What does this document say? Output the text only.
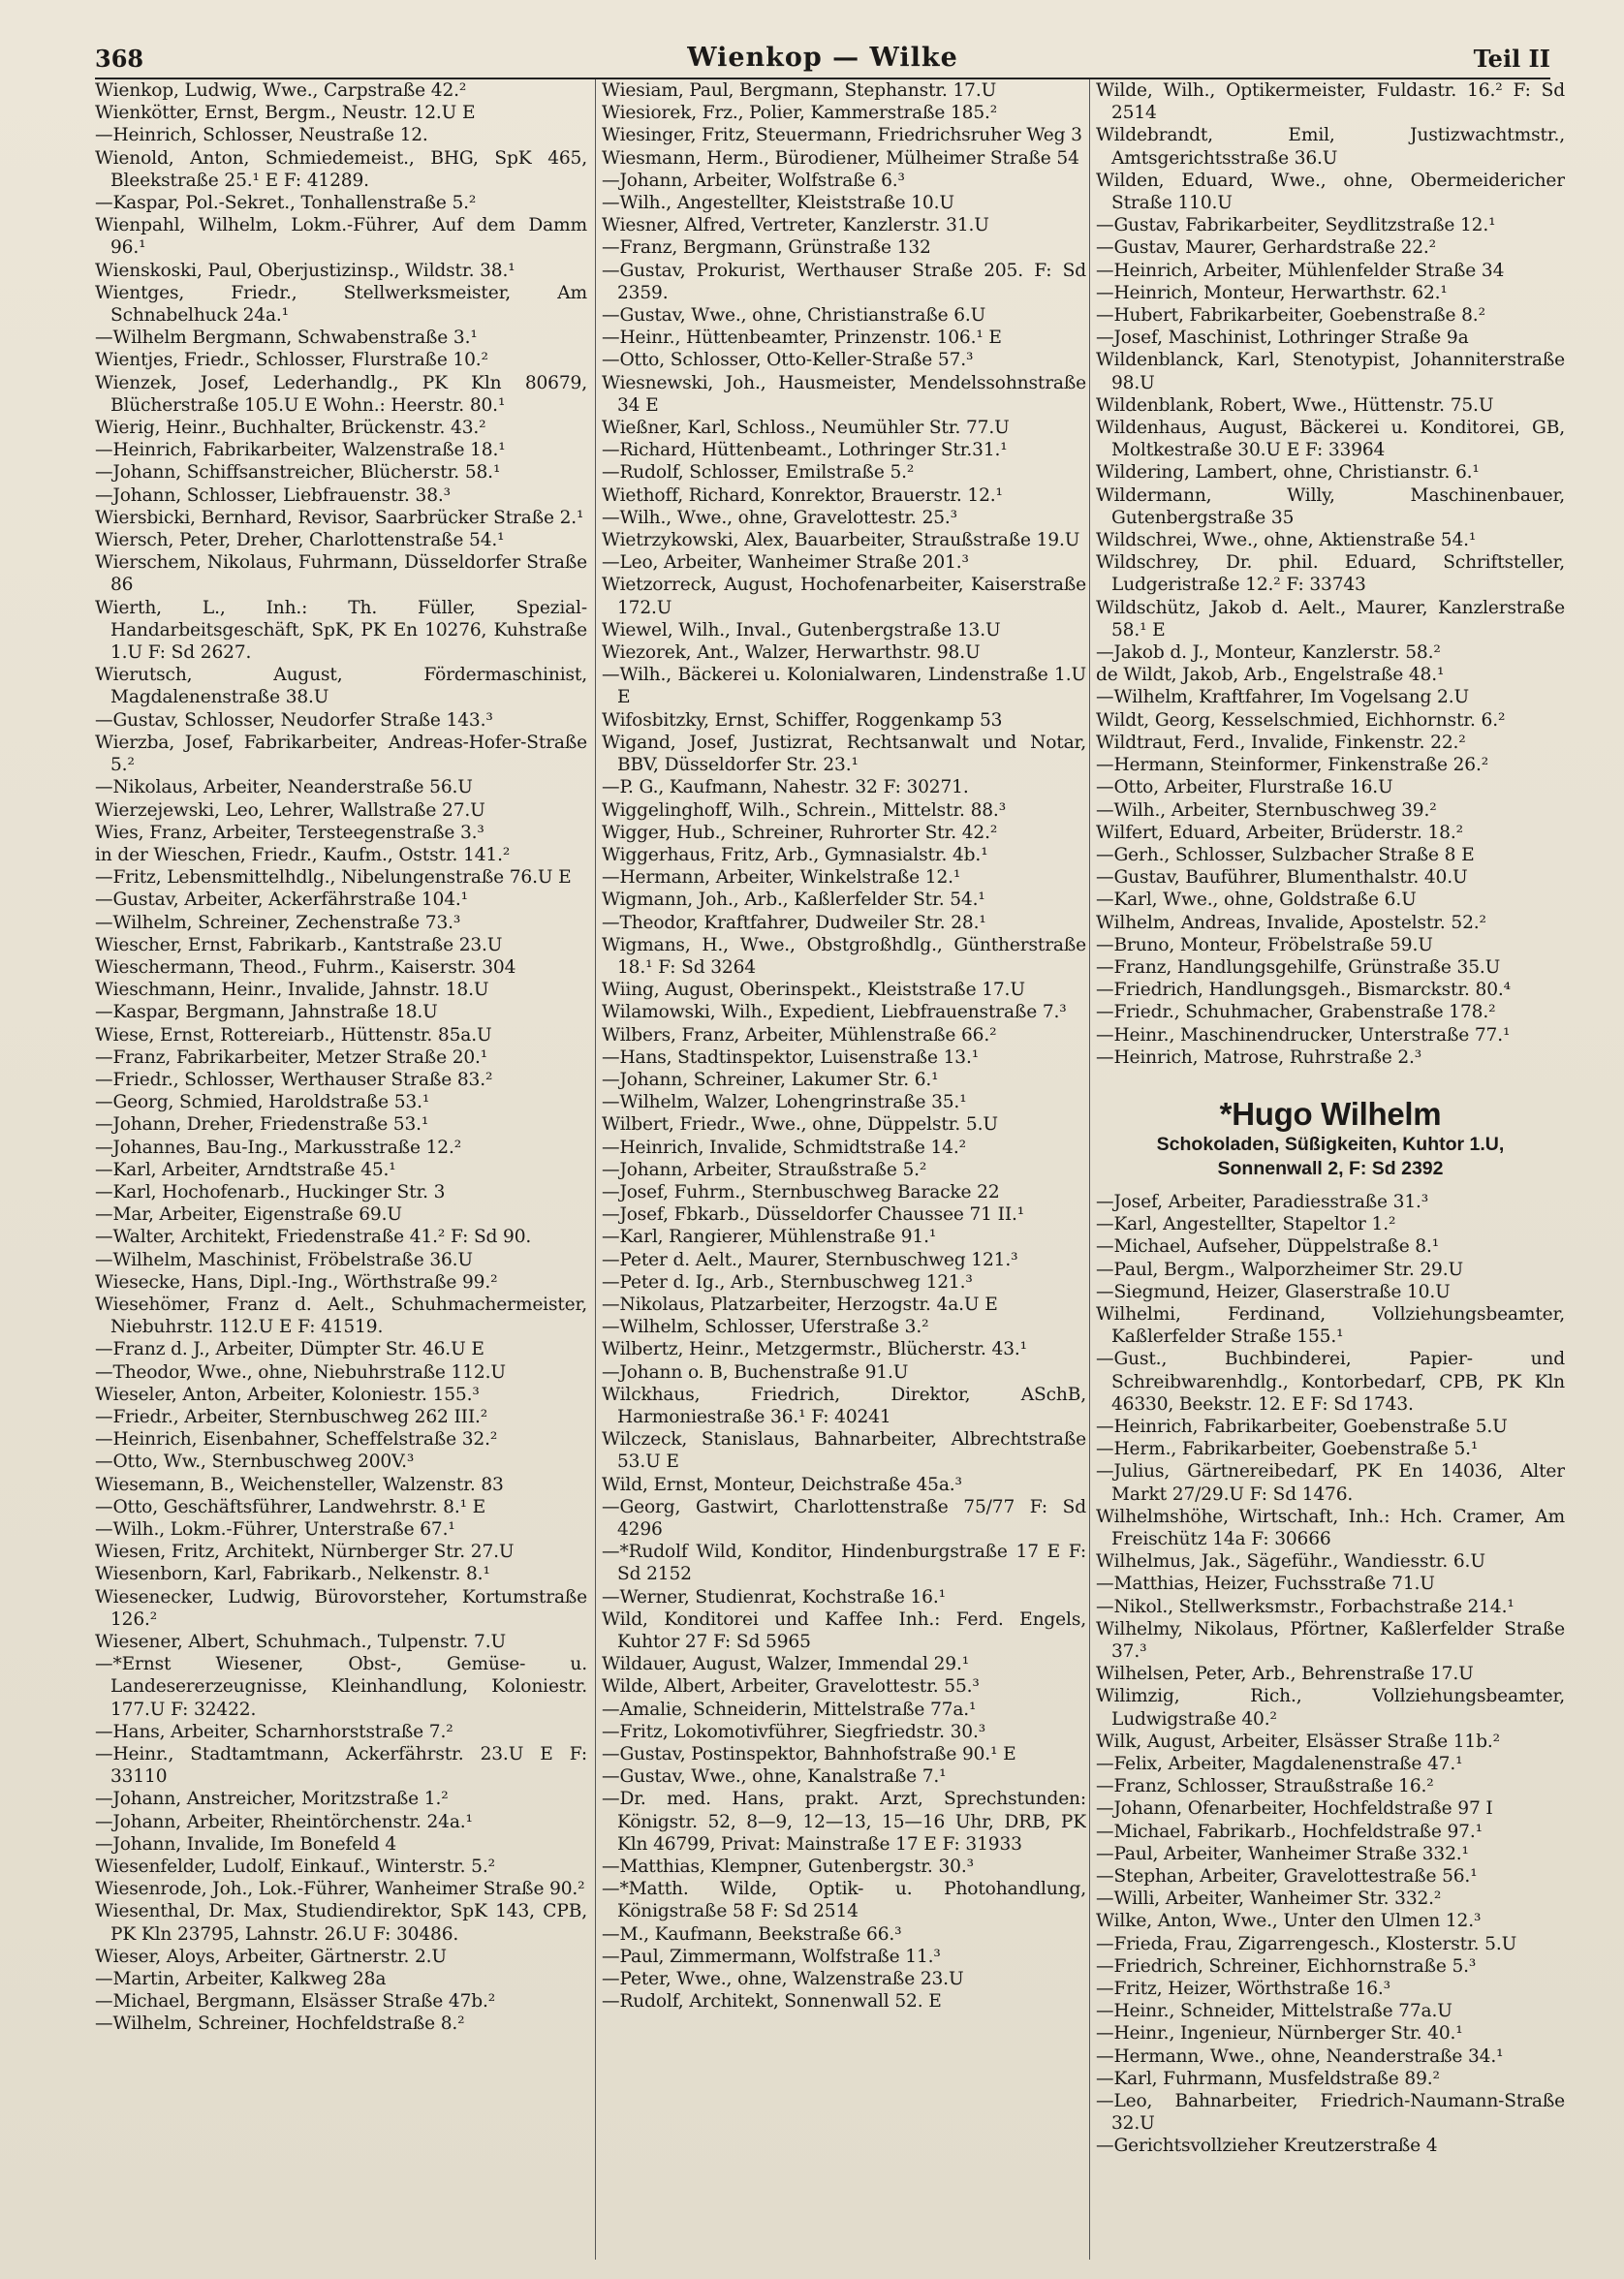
368	Wienkop — Wilke	Teil II

Wienkop, Ludwig, Wwe., Carpstraße 42.²

Wienkötter, Ernst, Bergm., Neustr. 12.U E

—Heinrich, Schlosser, Neustraße 12.

Wienold, Anton, Schmiedemeist., BHG, SpK 465, Bleekstraße 25.¹ E F: 41289.

—Kaspar, Pol.-Sekret., Tonhallenstraße 5.²

Wienpahl, Wilhelm, Lokm.-Führer, Auf dem Damm 96.¹

Wienskoski, Paul, Oberjustizinsp., Wildstr. 38.¹

Wientges, Friedr., Stellwerksmeister, Am Schnabelhuck 24a.¹

—Wilhelm Bergmann, Schwabenstraße 3.¹

Wientjes, Friedr., Schlosser, Flurstraße 10.²

Wienzek, Josef, Lederhandlg., PK Kln 80679, Blücherstraße 105.U E Wohn.: Heerstr. 80.¹

Wierig, Heinr., Buchhalter, Brückenstr. 43.²

—Heinrich, Fabrikarbeiter, Walzenstraße 18.¹

—Johann, Schiffsanstreicher, Blücherstr. 58.¹

—Johann, Schlosser, Liebfrauenstr. 38.³

Wiersbicki, Bernhard, Revisor, Saarbrücker Straße 2.¹

Wiersch, Peter, Dreher, Charlottenstraße 54.¹

Wierschem, Nikolaus, Fuhrmann, Düsseldorfer Straße 86

Wierth, L., Inh.: Th. Füller, Spezial-Handarbeitsgeschäft, SpK, PK En 10276, Kuhstraße 1.U F: Sd 2627.

Wierutsch, August, Fördermaschinist, Magdalenenstraße 38.U

—Gustav, Schlosser, Neudorfer Straße 143.³

Wierzba, Josef, Fabrikarbeiter, Andreas-Hofer-Straße 5.²

—Nikolaus, Arbeiter, Neanderstraße 56.U

Wierzejewski, Leo, Lehrer, Wallstraße 27.U

Wies, Franz, Arbeiter, Tersteegenstraße 3.³

in der Wieschen, Friedr., Kaufm., Oststr. 141.²

—Fritz, Lebensmittelhdlg., Nibelungenstraße 76.U E

—Gustav, Arbeiter, Ackerfährstraße 104.¹

—Wilhelm, Schreiner, Zechenstraße 73.³

Wiescher, Ernst, Fabrikarb., Kantstraße 23.U

Wieschermann, Theod., Fuhrm., Kaiserstr. 304

Wieschmann, Heinr., Invalide, Jahnstr. 18.U

—Kaspar, Bergmann, Jahnstraße 18.U

Wiese, Ernst, Rottereiarb., Hüttenstr. 85a.U

—Franz, Fabrikarbeiter, Metzer Straße 20.¹

—Friedr., Schlosser, Werthauser Straße 83.²

—Georg, Schmied, Haroldstraße 53.¹

—Johann, Dreher, Friedenstraße 53.¹

—Johannes, Bau-Ing., Markusstraße 12.²

—Karl, Arbeiter, Arndtstraße 45.¹

—Karl, Hochofenarb., Huckinger Str. 3

—Mar, Arbeiter, Eigenstraße 69.U

—Walter, Architekt, Friedenstraße 41.² F: Sd 90.

—Wilhelm, Maschinist, Fröbelstraße 36.U

Wiesecke, Hans, Dipl.-Ing., Wörthstraße 99.²

Wiesehömer, Franz d. Aelt., Schuhmachermeister, Niebuhrstr. 112.U E F: 41519.

—Franz d. J., Arbeiter, Dümpter Str. 46.U E

—Theodor, Wwe., ohne, Niebuhrstraße 112.U

Wieseler, Anton, Arbeiter, Koloniestr. 155.³

—Friedr., Arbeiter, Sternbuschweg 262 III.²

—Heinrich, Eisenbahner, Scheffelstraße 32.²

—Otto, Ww., Sternbuschweg 200V.³

Wiesemann, B., Weichensteller, Walzenstr. 83

—Otto, Geschäftsführer, Landwehrstr. 8.¹ E

—Wilh., Lokm.-Führer, Unterstraße 67.¹

Wiesen, Fritz, Architekt, Nürnberger Str. 27.U

Wiesenborn, Karl, Fabrikarb., Nelkenstr. 8.¹

Wiesenecker, Ludwig, Bürovorsteher, Kortumstraße 126.²

Wiesener, Albert, Schuhmach., Tulpenstr. 7.U

—*Ernst Wiesener, Obst-, Gemüse- u. Landesererzeugnisse, Kleinhandlung, Koloniestr. 177.U F: 32422.

—Hans, Arbeiter, Scharnhorststraße 7.²

—Heinr., Stadtamtmann, Ackerfährstr. 23.U E F: 33110

—Johann, Anstreicher, Moritzstraße 1.²

—Johann, Arbeiter, Rheintörchenstr. 24a.¹

—Johann, Invalide, Im Bonefeld 4

Wiesenfelder, Ludolf, Einkauf., Winterstr. 5.²

Wiesenrode, Joh., Lok.-Führer, Wanheimer Straße 90.²

Wiesenthal, Dr. Max, Studiendirektor, SpK 143, CPB, PK Kln 23795, Lahnstr. 26.U F: 30486.

Wieser, Aloys, Arbeiter, Gärtnerstr. 2.U

—Martin, Arbeiter, Kalkweg 28a

—Michael, Bergmann, Elsässer Straße 47b.²

—Wilhelm, Schreiner, Hochfeldstraße 8.²

Wiesiam, Paul, Bergmann, Stephanstr. 17.U

Wiesiorek, Frz., Polier, Kammerstraße 185.²

Wiesinger, Fritz, Steuermann, Friedrichsruher Weg 3

Wiesmann, Herm., Bürodiener, Mülheimer Straße 54

—Johann, Arbeiter, Wolfstraße 6.³

—Wilh., Angestellter, Kleiststraße 10.U

Wiesner, Alfred, Vertreter, Kanzlerstr. 31.U

—Franz, Bergmann, Grünstraße 132

—Gustav, Prokurist, Werthauser Straße 205. F: Sd 2359.

—Gustav, Wwe., ohne, Christianstraße 6.U

—Heinr., Hüttenbeamter, Prinzenstr. 106.¹ E

—Otto, Schlosser, Otto-Keller-Straße 57.³

Wiesnewski, Joh., Hausmeister, Mendelssohnstraße 34 E

Wießner, Karl, Schloss., Neumühler Str. 77.U

—Richard, Hüttenbeamt., Lothringer Str.31.¹

—Rudolf, Schlosser, Emilstraße 5.²

Wiethoff, Richard, Konrektor, Brauerstr. 12.¹

—Wilh., Wwe., ohne, Gravelottestr. 25.³

Wietrzykowski, Alex, Bauarbeiter, Straußstraße 19.U

—Leo, Arbeiter, Wanheimer Straße 201.³

Wietzorreck, August, Hochofenarbeiter, Kaiserstraße 172.U

Wiewel, Wilh., Inval., Gutenbergstraße 13.U

Wiezorek, Ant., Walzer, Herwarthstr. 98.U

—Wilh., Bäckerei u. Kolonialwaren, Lindenstraße 1.U E

Wifosbitzky, Ernst, Schiffer, Roggenkamp 53

Wigand, Josef, Justizrat, Rechtsanwalt und Notar, BBV, Düsseldorfer Str. 23.¹

—P. G., Kaufmann, Nahestr. 32 F: 30271.

Wiggelinghoff, Wilh., Schrein., Mittelstr. 88.³

Wigger, Hub., Schreiner, Ruhrorter Str. 42.²

Wiggerhaus, Fritz, Arb., Gymnasialstr. 4b.¹

—Hermann, Arbeiter, Winkelstraße 12.¹

Wigmann, Joh., Arb., Kaßlerfelder Str. 54.¹

—Theodor, Kraftfahrer, Dudweiler Str. 28.¹

Wigmans, H., Wwe., Obstgroßhdlg., Güntherstraße 18.¹ F: Sd 3264

Wiing, August, Oberinspekt., Kleiststraße 17.U

Wilamowski, Wilh., Expedient, Liebfrauenstraße 7.³

Wilbers, Franz, Arbeiter, Mühlenstraße 66.²

—Hans, Stadtinspektor, Luisenstraße 13.¹

—Johann, Schreiner, Lakumer Str. 6.¹

—Wilhelm, Walzer, Lohengrinstraße 35.¹

Wilbert, Friedr., Wwe., ohne, Düppelstr. 5.U

—Heinrich, Invalide, Schmidtstraße 14.²

—Johann, Arbeiter, Straußstraße 5.²

—Josef, Fuhrm., Sternbuschweg Baracke 22

—Josef, Fbkarb., Düsseldorfer Chaussee 71 II.¹

—Karl, Rangierer, Mühlenstraße 91.¹

—Peter d. Aelt., Maurer, Sternbuschweg 121.³

—Peter d. Ig., Arb., Sternbuschweg 121.³

—Nikolaus, Platzarbeiter, Herzogstr. 4a.U E

—Wilhelm, Schlosser, Uferstraße 3.²

Wilbertz, Heinr., Metzgermstr., Blücherstr. 43.¹

—Johann o. B, Buchenstraße 91.U

Wilckhaus, Friedrich, Direktor, ASchB, Harmoniestraße 36.¹ F: 40241

Wilczeck, Stanislaus, Bahnarbeiter, Albrechtstraße 53.U E

Wild, Ernst, Monteur, Deichstraße 45a.³

—Georg, Gastwirt, Charlottenstraße 75/77 F: Sd 4296

—*Rudolf Wild, Konditor, Hindenburgstraße 17 E F: Sd 2152

—Werner, Studienrat, Kochstraße 16.¹

Wild, Konditorei und Kaffee Inh.: Ferd. Engels, Kuhtor 27 F: Sd 5965

Wildauer, August, Walzer, Immendal 29.¹

Wilde, Albert, Arbeiter, Gravelottestr. 55.³

—Amalie, Schneiderin, Mittelstraße 77a.¹

—Fritz, Lokomotivführer, Siegfriedstr. 30.³

—Gustav, Postinspektor, Bahnhofstraße 90.¹ E

—Gustav, Wwe., ohne, Kanalstraße 7.¹

—Dr. med. Hans, prakt. Arzt, Sprechstunden: Königstr. 52, 8—9, 12—13, 15—16 Uhr, DRB, PK Kln 46799, Privat: Mainstraße 17 E F: 31933

—Matthias, Klempner, Gutenbergstr. 30.³

—*Matth. Wilde, Optik- u. Photohandlung, Königstraße 58 F: Sd 2514

—M., Kaufmann, Beekstraße 66.³

—Paul, Zimmermann, Wolfstraße 11.³

—Peter, Wwe., ohne, Walzenstraße 23.U

—Rudolf, Architekt, Sonnenwall 52. E

Wilde, Wilh., Optikermeister, Fuldastr. 16.² F: Sd 2514

Wildebrandt, Emil, Justizwachtmstr., Amtsgerichtsstraße 36.U

Wilden, Eduard, Wwe., ohne, Obermeidericher Straße 110.U

—Gustav, Fabrikarbeiter, Seydlitzstraße 12.¹

—Gustav, Maurer, Gerhardstraße 22.²

—Heinrich, Arbeiter, Mühlenfelder Straße 34

—Heinrich, Monteur, Herwarthstr. 62.¹

—Hubert, Fabrikarbeiter, Goebenstraße 8.²

—Josef, Maschinist, Lothringer Straße 9a

Wildenblanck, Karl, Stenotypist, Johanniterstraße 98.U

Wildenblank, Robert, Wwe., Hüttenstr. 75.U

Wildenhaus, August, Bäckerei u. Konditorei, GB, Moltkestraße 30.U E F: 33964

Wildering, Lambert, ohne, Christianstr. 6.¹

Wildermann, Willy, Maschinenbauer, Gutenbergstraße 35

Wildschrei, Wwe., ohne, Aktienstraße 54.¹

Wildschrey, Dr. phil. Eduard, Schriftsteller, Ludgeristraße 12.² F: 33743

Wildschütz, Jakob d. Aelt., Maurer, Kanzlerstraße 58.¹ E

—Jakob d. J., Monteur, Kanzlerstr. 58.²

de Wildt, Jakob, Arb., Engelstraße 48.¹

—Wilhelm, Kraftfahrer, Im Vogelsang 2.U

Wildt, Georg, Kesselschmied, Eichhornstr. 6.²

Wildtraut, Ferd., Invalide, Finkenstr. 22.²

—Hermann, Steinformer, Finkenstraße 26.²

—Otto, Arbeiter, Flurstraße 16.U

—Wilh., Arbeiter, Sternbuschweg 39.²

Wilfert, Eduard, Arbeiter, Brüderstr. 18.²

—Gerh., Schlosser, Sulzbacher Straße 8 E

—Gustav, Bauführer, Blumenthalstr. 40.U

—Karl, Wwe., ohne, Goldstraße 6.U

Wilhelm, Andreas, Invalide, Apostelstr. 52.²

—Bruno, Monteur, Fröbelstraße 59.U

—Franz, Handlungsgehilfe, Grünstraße 35.U

—Friedrich, Handlungsgeh., Bismarckstr. 80.⁴

—Friedr., Schuhmacher, Grabenstraße 178.²

—Heinr., Maschinendrucker, Unterstraße 77.¹

—Heinrich, Matrose, Ruhrstraße 2.³

*Hugo Wilhelm
Schokoladen, Süßigkeiten, Kuhtor 1.U,
Sonnenwall 2, F: Sd 2392

—Josef, Arbeiter, Paradiesstraße 31.³

—Karl, Angestellter, Stapeltor 1.²

—Michael, Aufseher, Düppelstraße 8.¹

—Paul, Bergm., Walporzheimer Str. 29.U

—Siegmund, Heizer, Glaserstraße 10.U

Wilhelmi, Ferdinand, Vollziehungsbeamter, Kaßlerfelder Straße 155.¹

—Gust., Buchbinderei, Papier- und Schreibwarenhdlg., Kontorbedarf, CPB, PK Kln 46330, Beekstr. 12. E F: Sd 1743.

—Heinrich, Fabrikarbeiter, Goebenstraße 5.U

—Herm., Fabrikarbeiter, Goebenstraße 5.¹

—Julius, Gärtnereibedarf, PK En 14036, Alter Markt 27/29.U F: Sd 1476.

Wilhelmshöhe, Wirtschaft, Inh.: Hch. Cramer, Am Freischütz 14a F: 30666

Wilhelmus, Jak., Sägeführ., Wandiesstr. 6.U

—Matthias, Heizer, Fuchsstraße 71.U

—Nikol., Stellwerksmstr., Forbachstraße 214.¹

Wilhelmy, Nikolaus, Pförtner, Kaßlerfelder Straße 37.³

Wilhelsen, Peter, Arb., Behrenstraße 17.U

Wilimzig, Rich., Vollziehungsbeamter, Ludwigstraße 40.²

Wilk, August, Arbeiter, Elsässer Straße 11b.²

—Felix, Arbeiter, Magdalenenstraße 47.¹

—Franz, Schlosser, Straußstraße 16.²

—Johann, Ofenarbeiter, Hochfeldstraße 97 I

—Michael, Fabrikarb., Hochfeldstraße 97.¹

—Paul, Arbeiter, Wanheimer Straße 332.¹

—Stephan, Arbeiter, Gravelottestraße 56.¹

—Willi, Arbeiter, Wanheimer Str. 332.²

Wilke, Anton, Wwe., Unter den Ulmen 12.³

—Frieda, Frau, Zigarrengesch., Klosterstr. 5.U

—Friedrich, Schreiner, Eichhornstraße 5.³

—Fritz, Heizer, Wörthstraße 16.³

—Heinr., Schneider, Mittelstraße 77a.U

—Heinr., Ingenieur, Nürnberger Str. 40.¹

—Hermann, Wwe., ohne, Neanderstraße 34.¹

—Karl, Fuhrmann, Musfeldstraße 89.²

—Leo, Bahnarbeiter, Friedrich-Naumann-Straße 32.U

—Gerichtsvollzieher Kreutzerstraße 4
